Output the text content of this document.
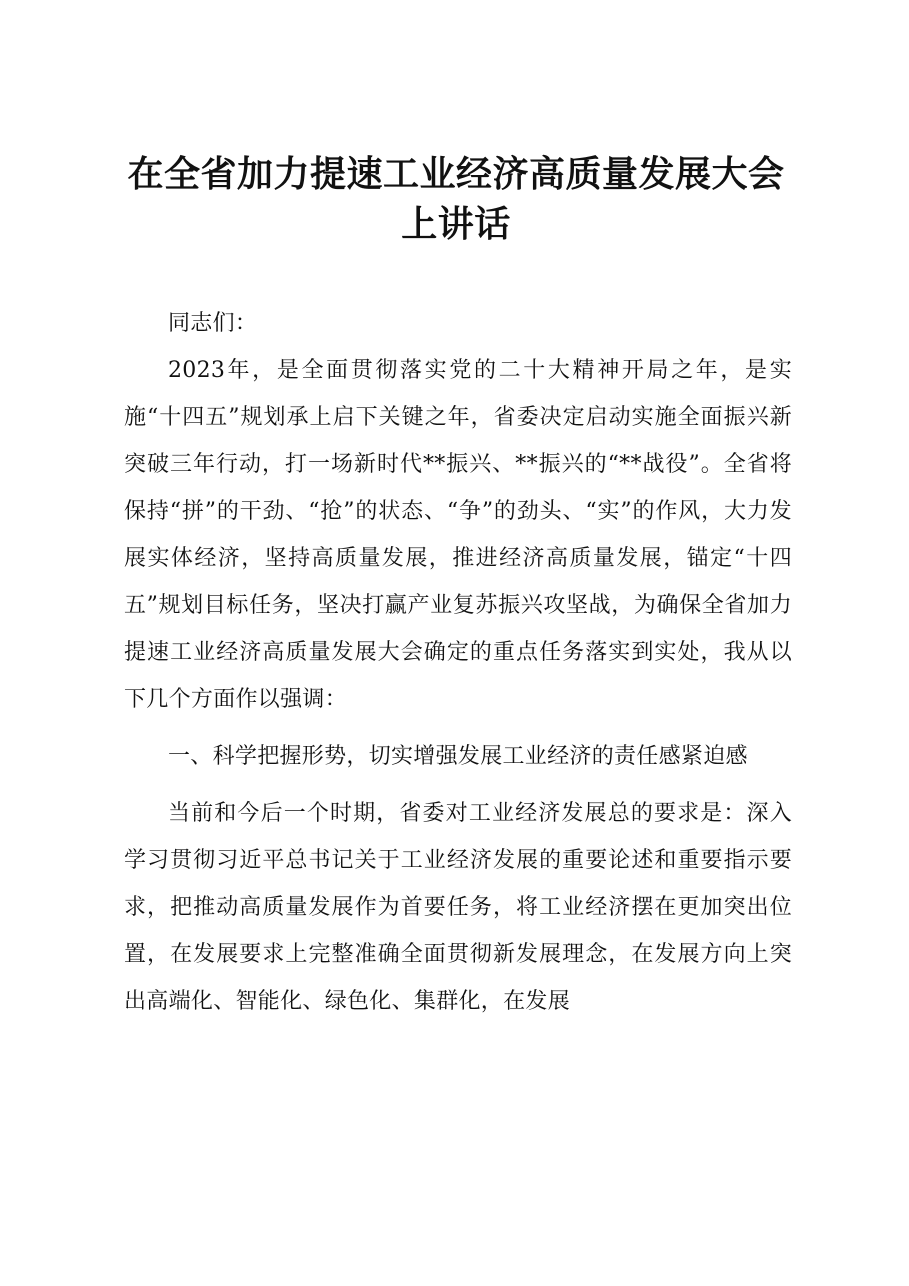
在全省加力提速工业经济高质量发展大会上讲话

同志们：

2023年，是全面贯彻落实党的二十大精神开局之年，是实施“十四五”规划承上启下关键之年，省委决定启动实施全面振兴新突破三年行动，打一场新时代**振兴、**振兴的“**战役”。全省将保持“拼”的干劲、“抢”的状态、“争”的劲头、“实”的作风，大力发展实体经济，坚持高质量发展，推进经济高质量发展，锚定“十四五”规划目标任务，坚决打赢产业复苏振兴攻坚战，为确保全省加力提速工业经济高质量发展大会确定的重点任务落实到实处，我从以下几个方面作以强调：

一、科学把握形势，切实增强发展工业经济的责任感紧迫感

当前和今后一个时期，省委对工业经济发展总的要求是：深入学习贯彻习近平总书记关于工业经济发展的重要论述和重要指示要求，把推动高质量发展作为首要任务，将工业经济摆在更加突出位置，在发展要求上完整准确全面贯彻新发展理念，在发展方向上突出高端化、智能化、绿色化、集群化，在发展
